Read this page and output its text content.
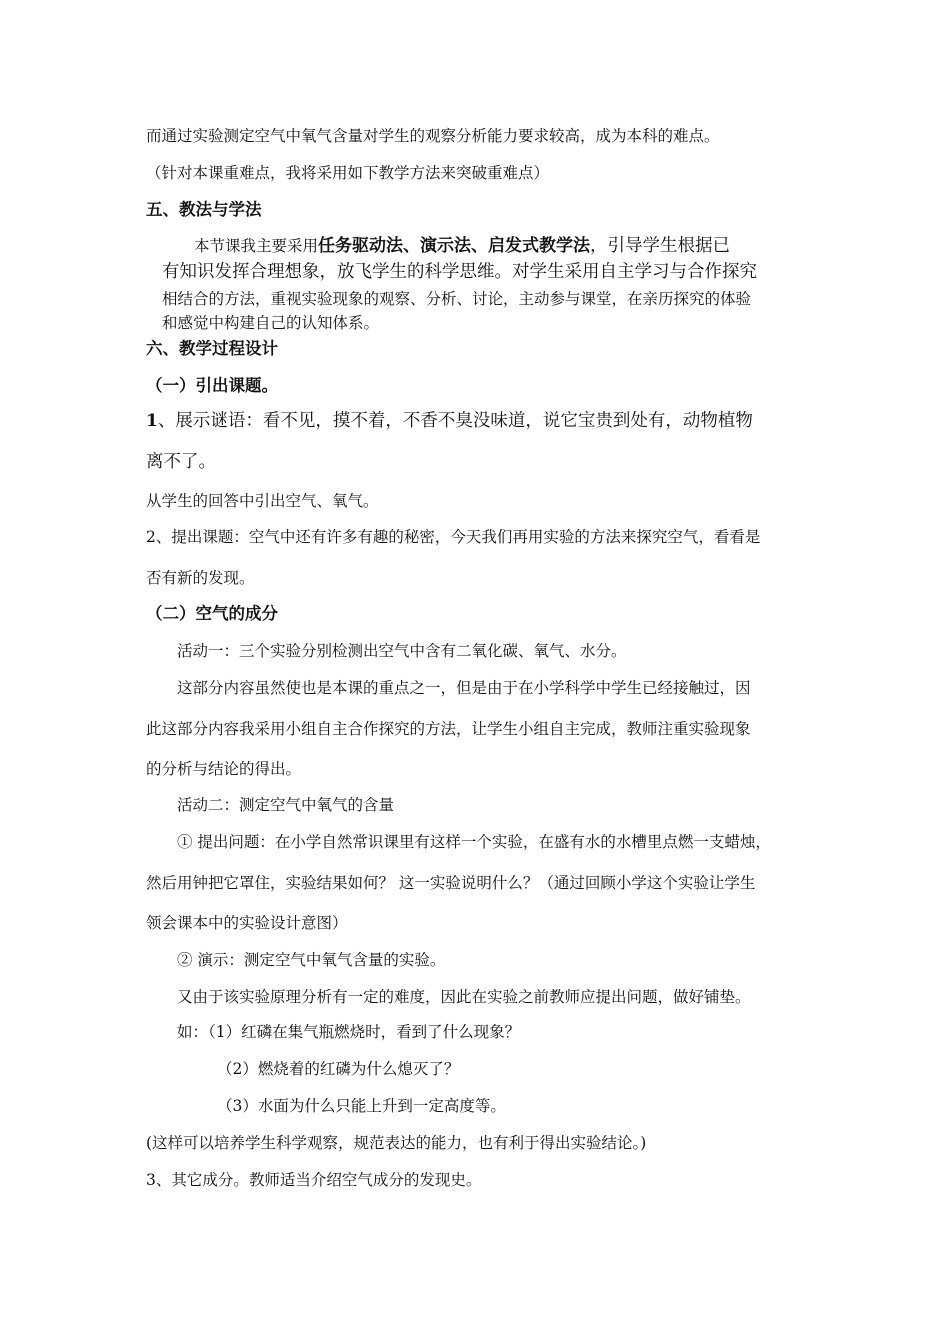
而通过实验测定空气中氧气含量对学生的观察分析能力要求较高，成为本科的难点。
（针对本课重难点，我将采用如下教学方法来突破重难点）
五、教法与学法
本节课我主要采用任务驱动法、演示法、启发式教学法，引导学生根据已
有知识发挥合理想象，放飞学生的科学思维。对学生采用自主学习与合作探究
相结合的方法，重视实验现象的观察、分析、讨论，主动参与课堂，在亲历探究的体验
和感觉中构建自己的认知体系。
六、教学过程设计
（一）引出课题。
1、展示谜语：看不见，摸不着，不香不臭没味道，说它宝贵到处有，动物植物
离不了。
从学生的回答中引出空气、氧气。
2、提出课题：空气中还有许多有趣的秘密，今天我们再用实验的方法来探究空气，看看是
否有新的发现。
（二）空气的成分
活动一：三个实验分别检测出空气中含有二氧化碳、氧气、水分。
这部分内容虽然使也是本课的重点之一，但是由于在小学科学中学生已经接触过，因
此这部分内容我采用小组自主合作探究的方法，让学生小组自主完成，教师注重实验现象
的分析与结论的得出。
活动二：测定空气中氧气的含量
① 提出问题：在小学自然常识课里有这样一个实验，在盛有水的水槽里点燃一支蜡烛，
然后用钟把它罩住，实验结果如何？ 这一实验说明什么？（通过回顾小学这个实验让学生
领会课本中的实验设计意图）
② 演示：测定空气中氧气含量的实验。
又由于该实验原理分析有一定的难度，因此在实验之前教师应提出问题，做好铺垫。
如：（1）红磷在集气瓶燃烧时，看到了什么现象？
（2）燃烧着的红磷为什么熄灭了？
（3）水面为什么只能上升到一定高度等。
(这样可以培养学生科学观察，规范表达的能力，也有利于得出实验结论。)
3、其它成分。教师适当介绍空气成分的发现史。
